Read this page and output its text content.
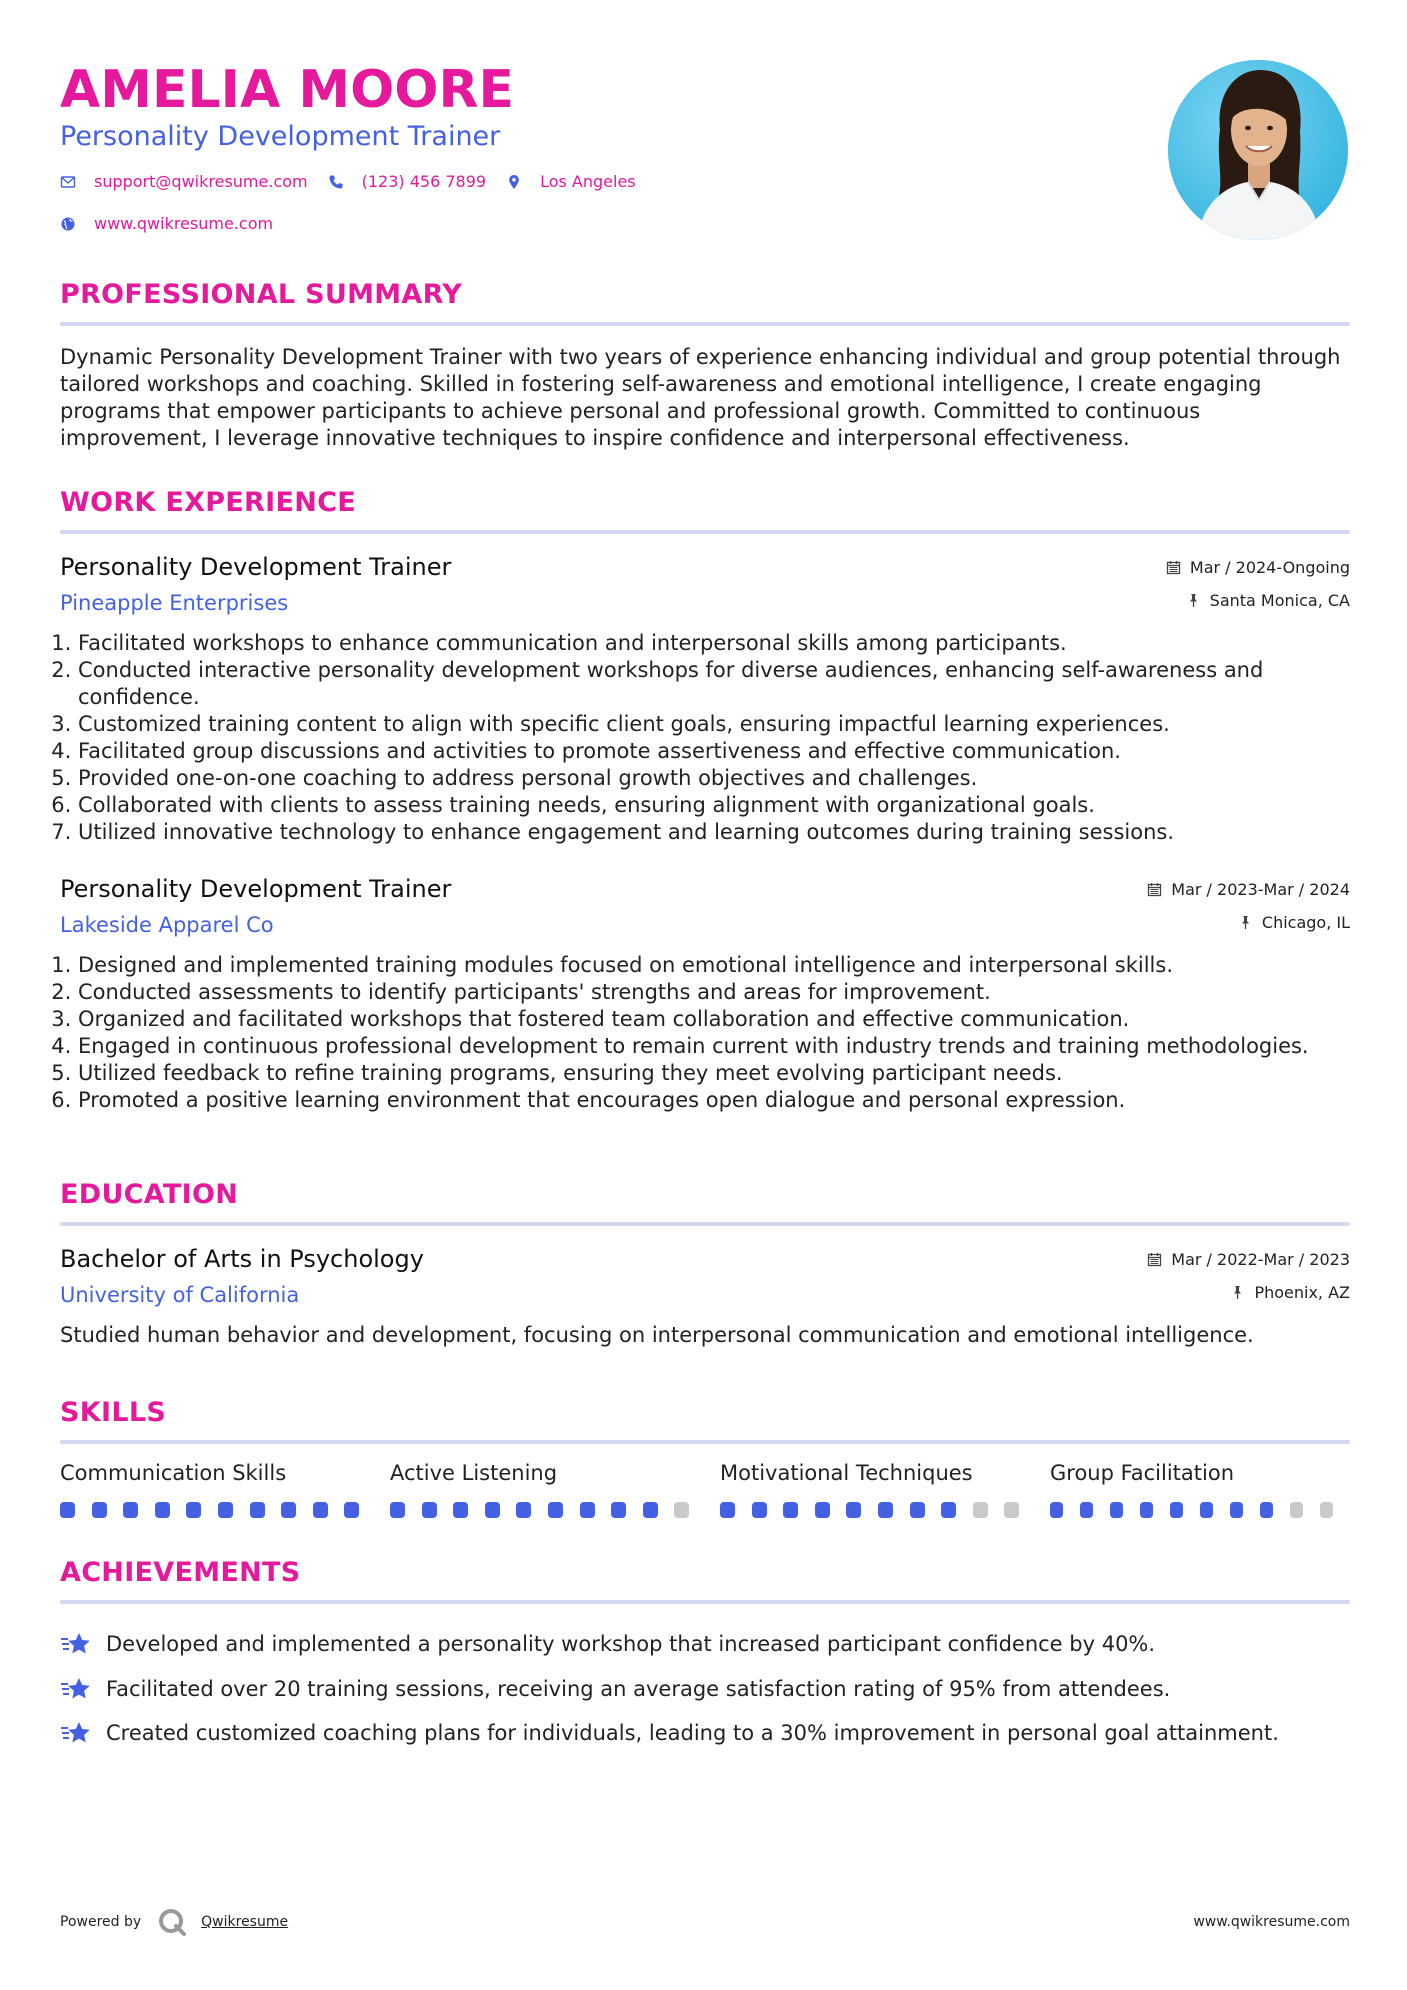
AMELIA MOORE
Personality Development Trainer
support@qwikresume.com	(123) 456 7899	Los Angeles
www.qwikresume.com
PROFESSIONAL SUMMARY
Dynamic Personality Development Trainer with two years of experience enhancing individual and group potential through tailored workshops and coaching. Skilled in fostering self-awareness and emotional intelligence, I create engaging programs that empower participants to achieve personal and professional growth. Committed to continuous improvement, I leverage innovative techniques to inspire confidence and interpersonal effectiveness.
WORK EXPERIENCE
Personality Development Trainer
Pineapple Enterprises
Mar / 2024-Ongoing
Santa Monica, CA
1. Facilitated workshops to enhance communication and interpersonal skills among participants.
2. Conducted interactive personality development workshops for diverse audiences, enhancing self-awareness and confidence.
3. Customized training content to align with specific client goals, ensuring impactful learning experiences.
4. Facilitated group discussions and activities to promote assertiveness and effective communication.
5. Provided one-on-one coaching to address personal growth objectives and challenges.
6. Collaborated with clients to assess training needs, ensuring alignment with organizational goals.
7. Utilized innovative technology to enhance engagement and learning outcomes during training sessions.
Personality Development Trainer
Lakeside Apparel Co
Mar / 2023-Mar / 2024
Chicago, IL
1. Designed and implemented training modules focused on emotional intelligence and interpersonal skills.
2. Conducted assessments to identify participants' strengths and areas for improvement.
3. Organized and facilitated workshops that fostered team collaboration and effective communication.
4. Engaged in continuous professional development to remain current with industry trends and training methodologies.
5. Utilized feedback to refine training programs, ensuring they meet evolving participant needs.
6. Promoted a positive learning environment that encourages open dialogue and personal expression.
EDUCATION
Bachelor of Arts in Psychology
University of California
Mar / 2022-Mar / 2023
Phoenix, AZ
Studied human behavior and development, focusing on interpersonal communication and emotional intelligence.
SKILLS
Communication Skills	Active Listening	Motivational Techniques	Group Facilitation
ACHIEVEMENTS
Developed and implemented a personality workshop that increased participant confidence by 40%.
Facilitated over 20 training sessions, receiving an average satisfaction rating of 95% from attendees.
Created customized coaching plans for individuals, leading to a 30% improvement in personal goal attainment.
Powered by	Qwikresume	www.qwikresume.com
